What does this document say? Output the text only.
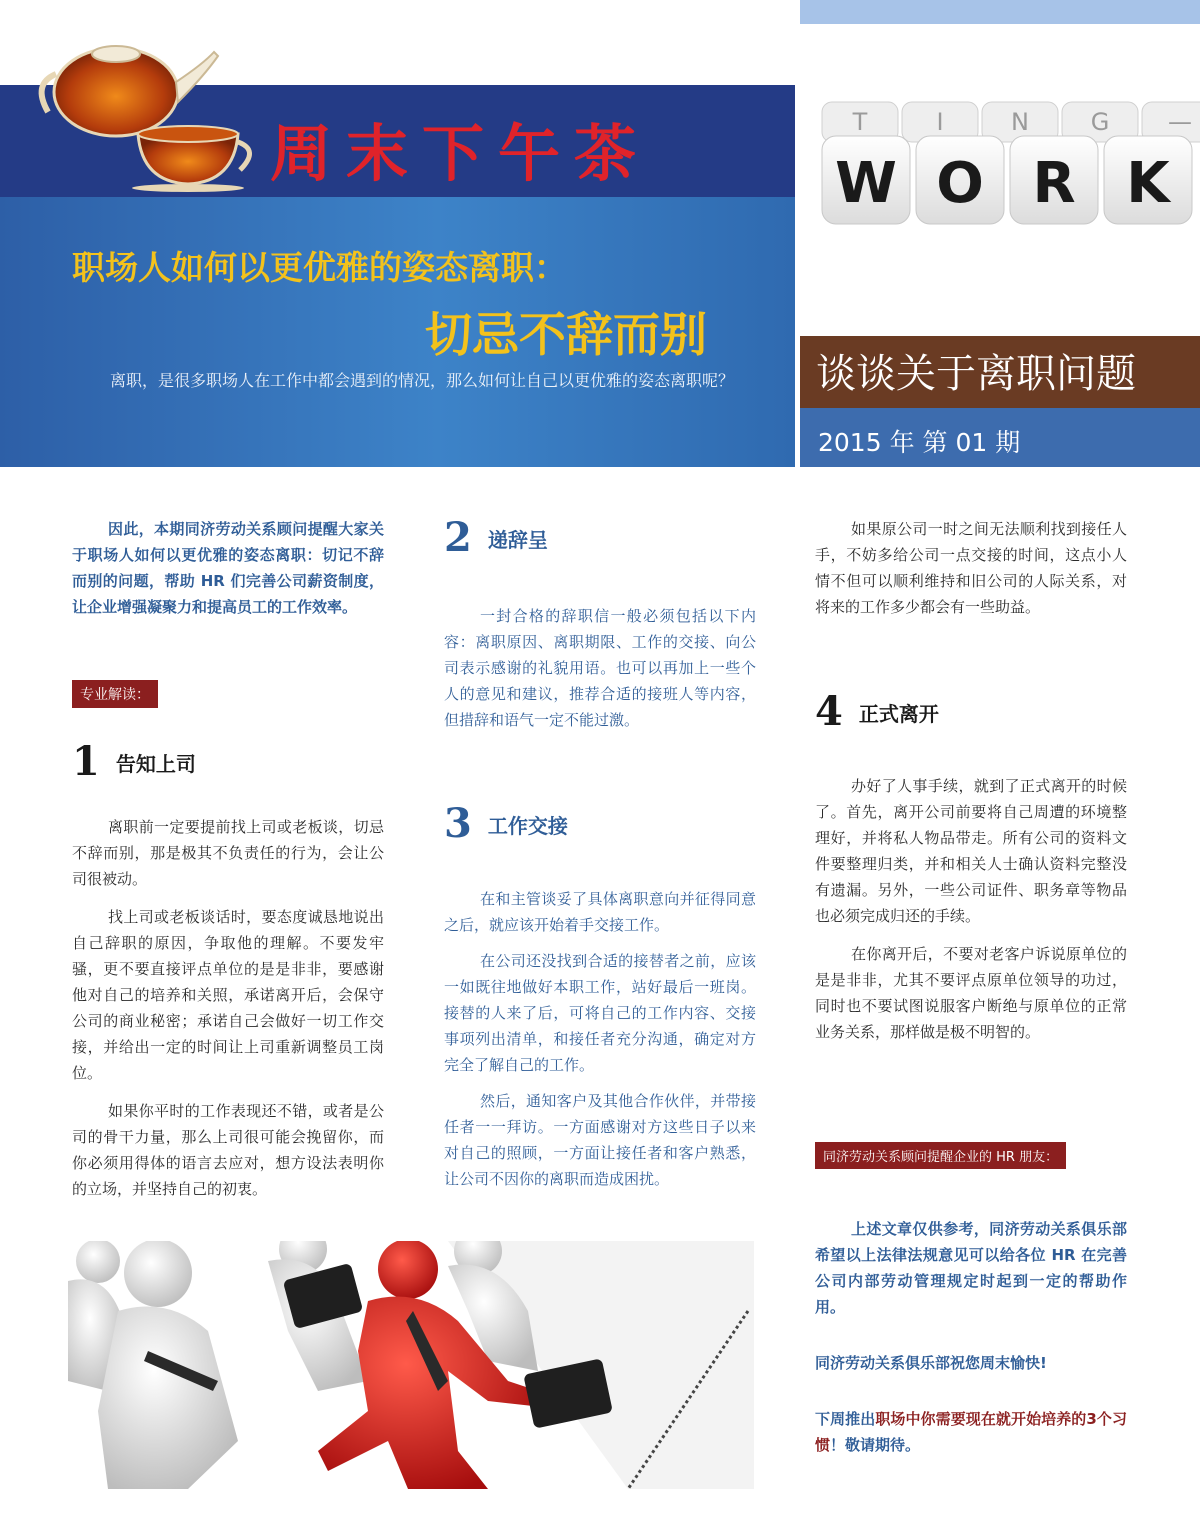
周末下午茶
职场人如何以更优雅的姿态离职：
切忌不辞而别
离职，是很多职场人在工作中都会遇到的情况，那么如何让自己以更优雅的姿态离职呢？
T	I	N	G —
W O R K
谈谈关于离职问题
2015 年 第 01 期

因此，本期同济劳动关系顾问提醒大家关于职场人如何以更优雅的姿态离职：切记不辞而别的问题，帮助 HR 们完善公司薪资制度，让企业增强凝聚力和提高员工的工作效率。

专业解读：
1 告知上司

离职前一定要提前找上司或老板谈，切忌不辞而别，那是极其不负责任的行为，会让公司很被动。

找上司或老板谈话时，要态度诚恳地说出自己辞职的原因，争取他的理解。不要发牢骚，更不要直接评点单位的是是非非，要感谢他对自己的培养和关照，承诺离开后，会保守公司的商业秘密；承诺自己会做好一切工作交接，并给出一定的时间让上司重新调整员工岗位。

如果你平时的工作表现还不错，或者是公司的骨干力量，那么上司很可能会挽留你，而你必须用得体的语言去应对，想方设法表明你的立场，并坚持自己的初衷。

2 递辞呈

一封合格的辞职信一般必须包括以下内容：离职原因、离职期限、工作的交接、向公司表示感谢的礼貌用语。也可以再加上一些个人的意见和建议，推荐合适的接班人等内容，但措辞和语气一定不能过激。

3 工作交接

在和主管谈妥了具体离职意向并征得同意之后，就应该开始着手交接工作。

在公司还没找到合适的接替者之前，应该一如既往地做好本职工作，站好最后一班岗。接替的人来了后，可将自己的工作内容、交接事项列出清单，和接任者充分沟通，确定对方完全了解自己的工作。

然后，通知客户及其他合作伙伴，并带接任者一一拜访。一方面感谢对方这些日子以来对自己的照顾，一方面让接任者和客户熟悉，让公司不因你的离职而造成困扰。

如果原公司一时之间无法顺利找到接任人手，不妨多给公司一点交接的时间，这点小人情不但可以顺利维持和旧公司的人际关系，对将来的工作多少都会有一些助益。

4 正式离开

办好了人事手续，就到了正式离开的时候了。首先，离开公司前要将自己周遭的环境整理好，并将私人物品带走。所有公司的资料文件要整理归类，并和相关人士确认资料完整没有遗漏。另外，一些公司证件、职务章等物品也必须完成归还的手续。

在你离开后，不要对老客户诉说原单位的是是非非，尤其不要评点原单位领导的功过，同时也不要试图说服客户断绝与原单位的正常业务关系，那样做是极不明智的。

同济劳动关系顾问提醒企业的 HR 朋友：

上述文章仅供参考，同济劳动关系俱乐部希望以上法律法规意见可以给各位 HR 在完善公司内部劳动管理规定时起到一定的帮助作用。

同济劳动关系俱乐部祝您周末愉快!

下周推出职场中你需要现在就开始培养的3个习惯！敬请期待。
